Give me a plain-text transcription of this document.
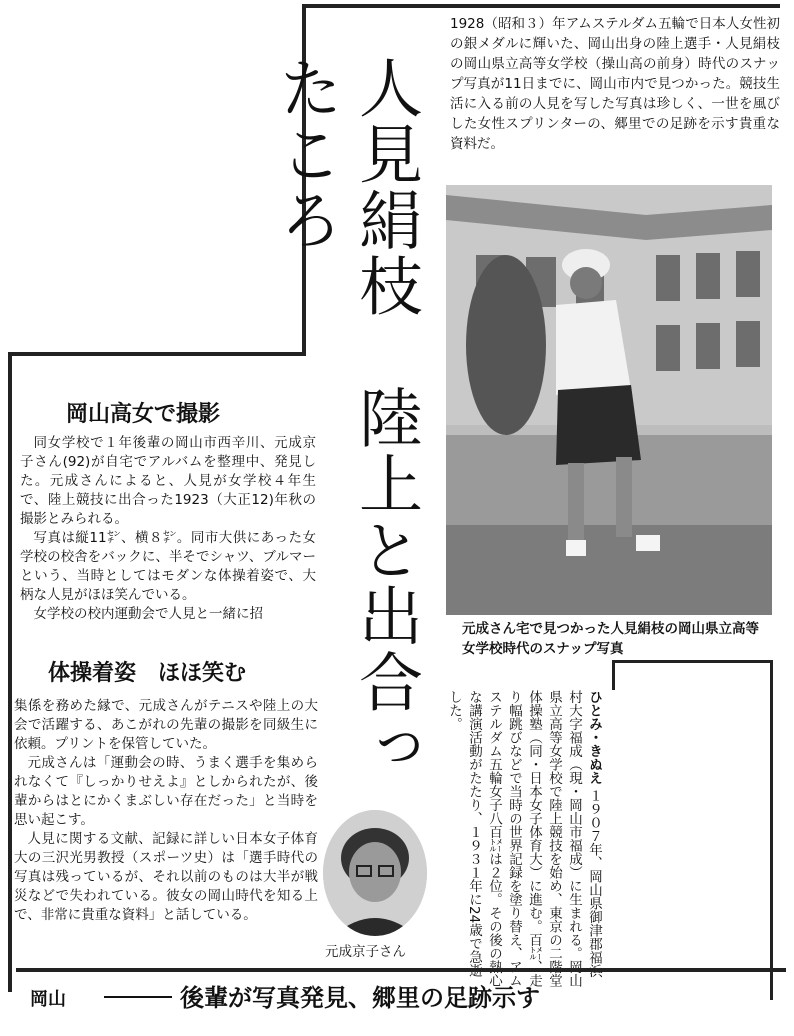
1928（昭和３）年アムステルダム五輪で日本人女性初の銀メダルに輝いた、岡山出身の陸上選手・人見絹枝の岡山県立高等女学校（操山高の前身）時代のスナップ写真が11日までに、岡山市内で見つかった。競技生活に入る前の人見を写した写真は珍しく、一世を風びした女性スプリンターの、郷里での足跡を示す貴重な資料だ。
人見絹枝　陸上と出合ったころ
元成さん宅で見つかった人見絹枝の岡山県立高等女学校時代のスナップ写真
岡山高女で撮影

同女学校で１年後輩の岡山市西辛川、元成京子さん(92)が自宅でアルバムを整理中、発見した。元成さんによると、人見が女学校４年生で、陸上競技に出合った1923（大正12)年秋の撮影とみられる。

写真は縦11㌢、横８㌢。同市大供にあった女学校の校舎をバックに、半そでシャツ、ブルマーという、当時としてはモダンな体操着姿で、大柄な人見がほほ笑んでいる。

女学校の校内運動会で人見と一緒に招

体操着姿　ほほ笑む

集係を務めた縁で、元成さんがテニスや陸上の大会で活躍する、あこがれの先輩の撮影を同級生に依頼。プリントを保管していた。

元成さんは「運動会の時、うまく選手を集められなくて『しっかりせえよ』としかられたが、後輩からはとにかくまぶしい存在だった」と当時を思い起こす。

人見に関する文献、記録に詳しい日本女子体育大の三沢光男教授（スポーツ史）は「選手時代の写真は残っているが、それ以前のものは大半が戦災などで失われている。彼女の岡山時代を知る上で、非常に貴重な資料」と話している。

ひとみ・きぬえ １９０７年、岡山県御津郡福浜村大字福成（現・岡山市福成）に生まれる。岡山県立高等女学校で陸上競技を始め、東京の二階堂体操塾（同・日本女子体育大）に進む。百㍍、走り幅跳びなどで当時の世界記録を塗り替え、アムステルダム五輪女子八百㍍は２位。その後の熱心な講演活動がたたり、１９３１年に24歳で急逝した。
元成京子さん
岡山	後輩が写真発見、郷里の足跡示す
